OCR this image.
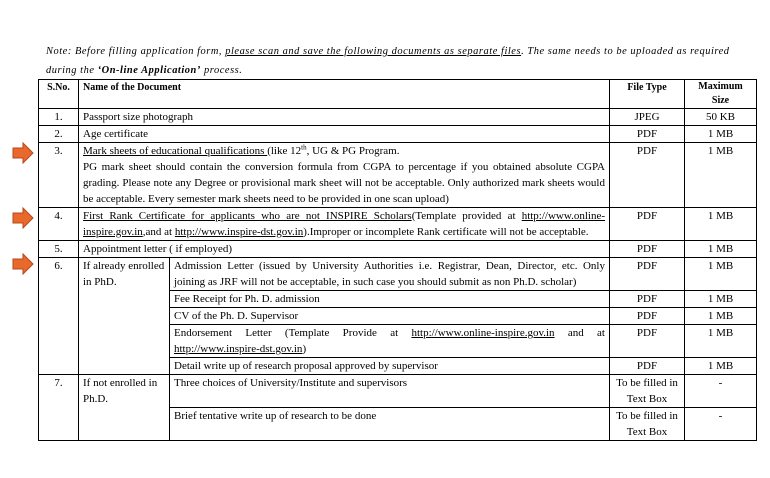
Note: Before filling application form, please scan and save the following documents as separate files. The same needs to be uploaded as required during the ‘On-line Application’ process.
S.No.	Name of the Document		File Type	Maximum
Size
1.	Passport size photograph		JPEG	50 KB
2.	Age certificate		PDF	1 MB
3.	Mark sheets of educational qualifications (like 12th, UG & PG Program.
PG mark sheet should contain the conversion formula from CGPA to percentage if you obtained absolute CGPA grading. Please note any Degree or provisional mark sheet will not be acceptable. Only authorized mark sheets would be acceptable. Every semester mark sheets need to be provided in one scan upload)		PDF	1 MB
4.	First Rank Certificate for applicants who are not INSPIRE Scholars(Template provided at http://www.online-inspire.gov.in,and at http://www.inspire-dst.gov.in).Improper or incomplete Rank certificate will not be acceptable.		PDF	1 MB
5.	Appointment letter ( if employed)		PDF	1 MB
6.	If already enrolled in PhD.	Admission Letter (issued by University Authorities i.e. Registrar, Dean, Director, etc. Only joining as JRF will not be acceptable, in such case you should submit as non Ph.D. scholar)	PDF	1 MB
		Fee Receipt for Ph. D. admission	PDF	1 MB
		CV of the Ph. D. Supervisor	PDF	1 MB
		Endorsement Letter (Template Provide at http://www.online-inspire.gov.in and at http://www.inspire-dst.gov.in)	PDF	1 MB
		Detail write up of research proposal approved by supervisor	PDF	1 MB
7.	If not enrolled in Ph.D.	Three choices of University/Institute and supervisors	To be filled in Text Box	-
		Brief tentative write up of research to be done	To be filled in Text Box	-
